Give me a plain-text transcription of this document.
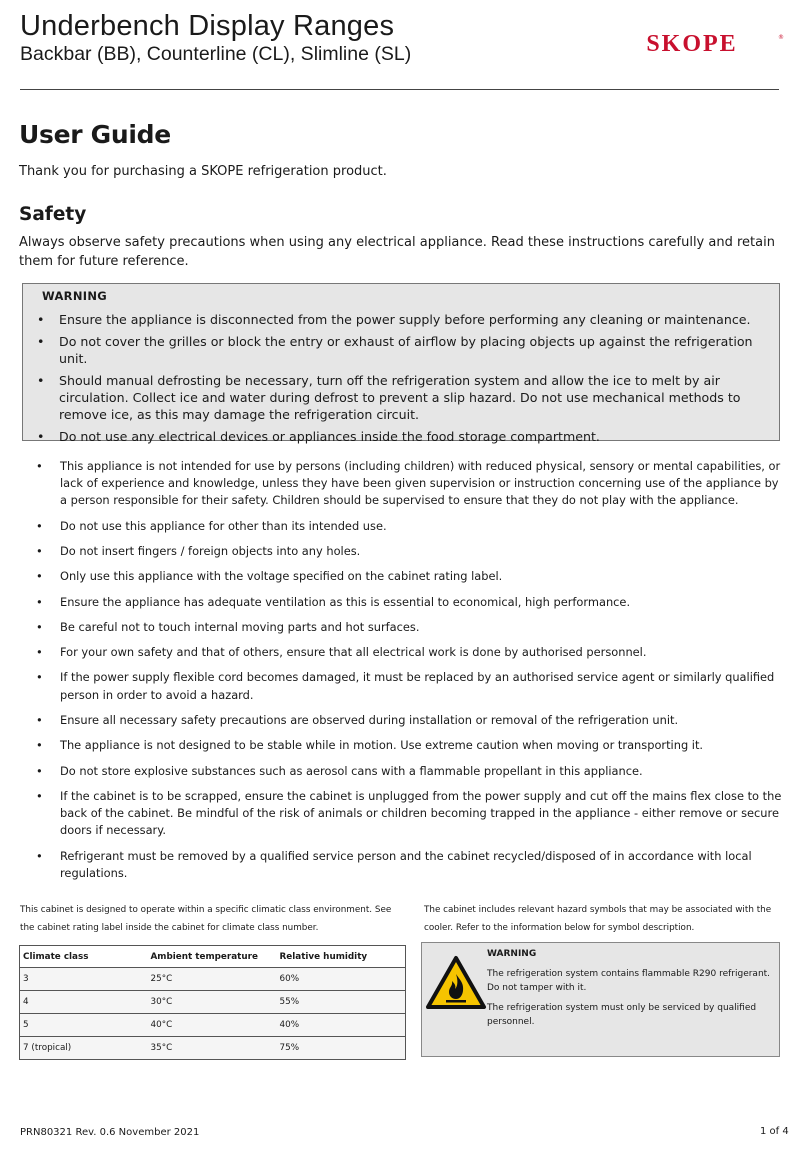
Underbench Display Ranges
Backbar (BB), Counterline (CL), Slimline (SL)	SKOPE	®
User Guide
Thank you for purchasing a SKOPE refrigeration product.
Safety
Always observe safety precautions when using any electrical appliance. Read these instructions carefully and retain them for future reference.
WARNING
• Ensure the appliance is disconnected from the power supply before performing any cleaning or maintenance.
• Do not cover the grilles or block the entry or exhaust of airflow by placing objects up against the refrigeration unit.
• Should manual defrosting be necessary, turn off the refrigeration system and allow the ice to melt by air circulation. Collect ice and water during defrost to prevent a slip hazard. Do not use mechanical methods to remove ice, as this may damage the refrigeration circuit.
• Do not use any electrical devices or appliances inside the food storage compartment.
• This appliance is not intended for use by persons (including children) with reduced physical, sensory or mental capabilities, or lack of experience and knowledge, unless they have been given supervision or instruction concerning use of the appliance by a person responsible for their safety. Children should be supervised to ensure that they do not play with the appliance.
• Do not use this appliance for other than its intended use.
• Do not insert fingers / foreign objects into any holes.
• Only use this appliance with the voltage specified on the cabinet rating label.
• Ensure the appliance has adequate ventilation as this is essential to economical, high performance.
• Be careful not to touch internal moving parts and hot surfaces.
• For your own safety and that of others, ensure that all electrical work is done by authorised personnel.
• If the power supply flexible cord becomes damaged, it must be replaced by an authorised service agent or similarly qualified person in order to avoid a hazard.
• Ensure all necessary safety precautions are observed during installation or removal of the refrigeration unit.
• The appliance is not designed to be stable while in motion. Use extreme caution when moving or transporting it.
• Do not store explosive substances such as aerosol cans with a flammable propellant in this appliance.
• If the cabinet is to be scrapped, ensure the cabinet is unplugged from the power supply and cut off the mains flex close to the back of the cabinet. Be mindful of the risk of animals or children becoming trapped in the appliance - either remove or secure doors if necessary.
• Refrigerant must be removed by a qualified service person and the cabinet recycled/disposed of in accordance with local regulations.
This cabinet is designed to operate within a specific climatic class environment. See the cabinet rating label inside the cabinet for climate class number.
The cabinet includes relevant hazard symbols that may be associated with the cooler. Refer to the information below for symbol description.
Climate class	Ambient temperature	Relative humidity
3	25°C	60%
4	30°C	55%
5	40°C	40%
7 (tropical)	35°C	75%
WARNING

The refrigeration system contains flammable R290 refrigerant. Do not tamper with it.

The refrigeration system must only be serviced by qualified personnel.

PRN80321 Rev. 0.6 November 2021	1 of 4
